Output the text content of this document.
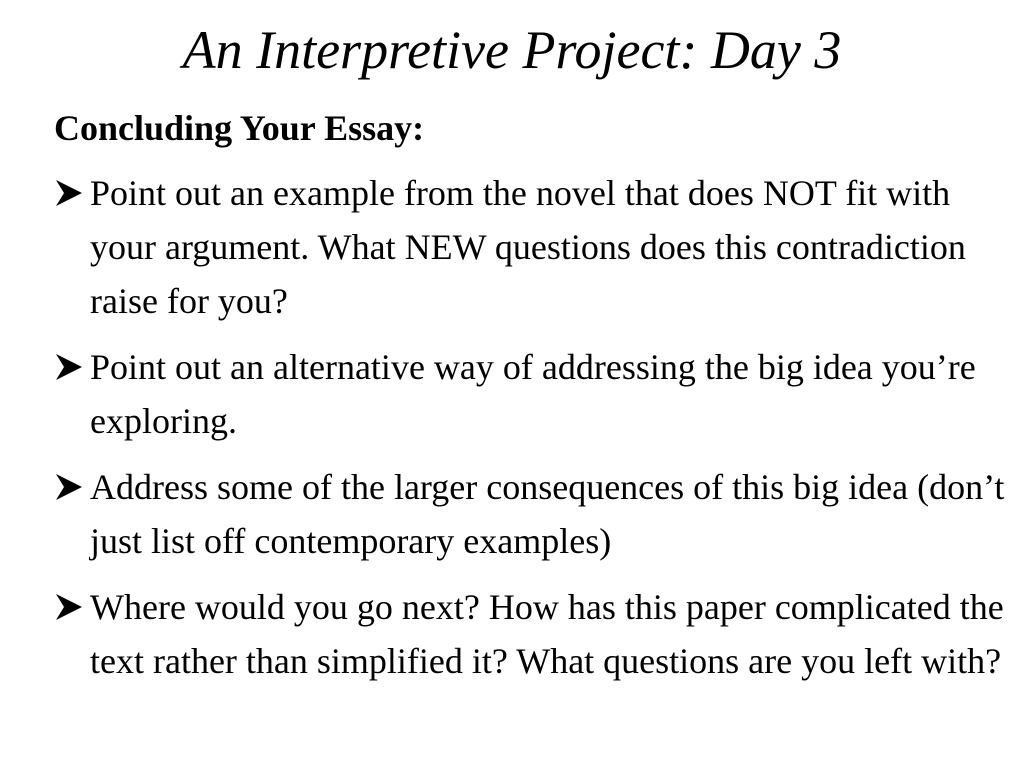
An Interpretive Project: Day 3

Concluding Your Essay:

Point out an example from the novel that does NOT fit with your argument. What NEW questions does this contradiction raise for you?
Point out an alternative way of addressing the big idea you’re exploring.
Address some of the larger consequences of this big idea (don’t just list off contemporary examples)
Where would you go next? How has this paper complicated the text rather than simplified it? What questions are you left with?
